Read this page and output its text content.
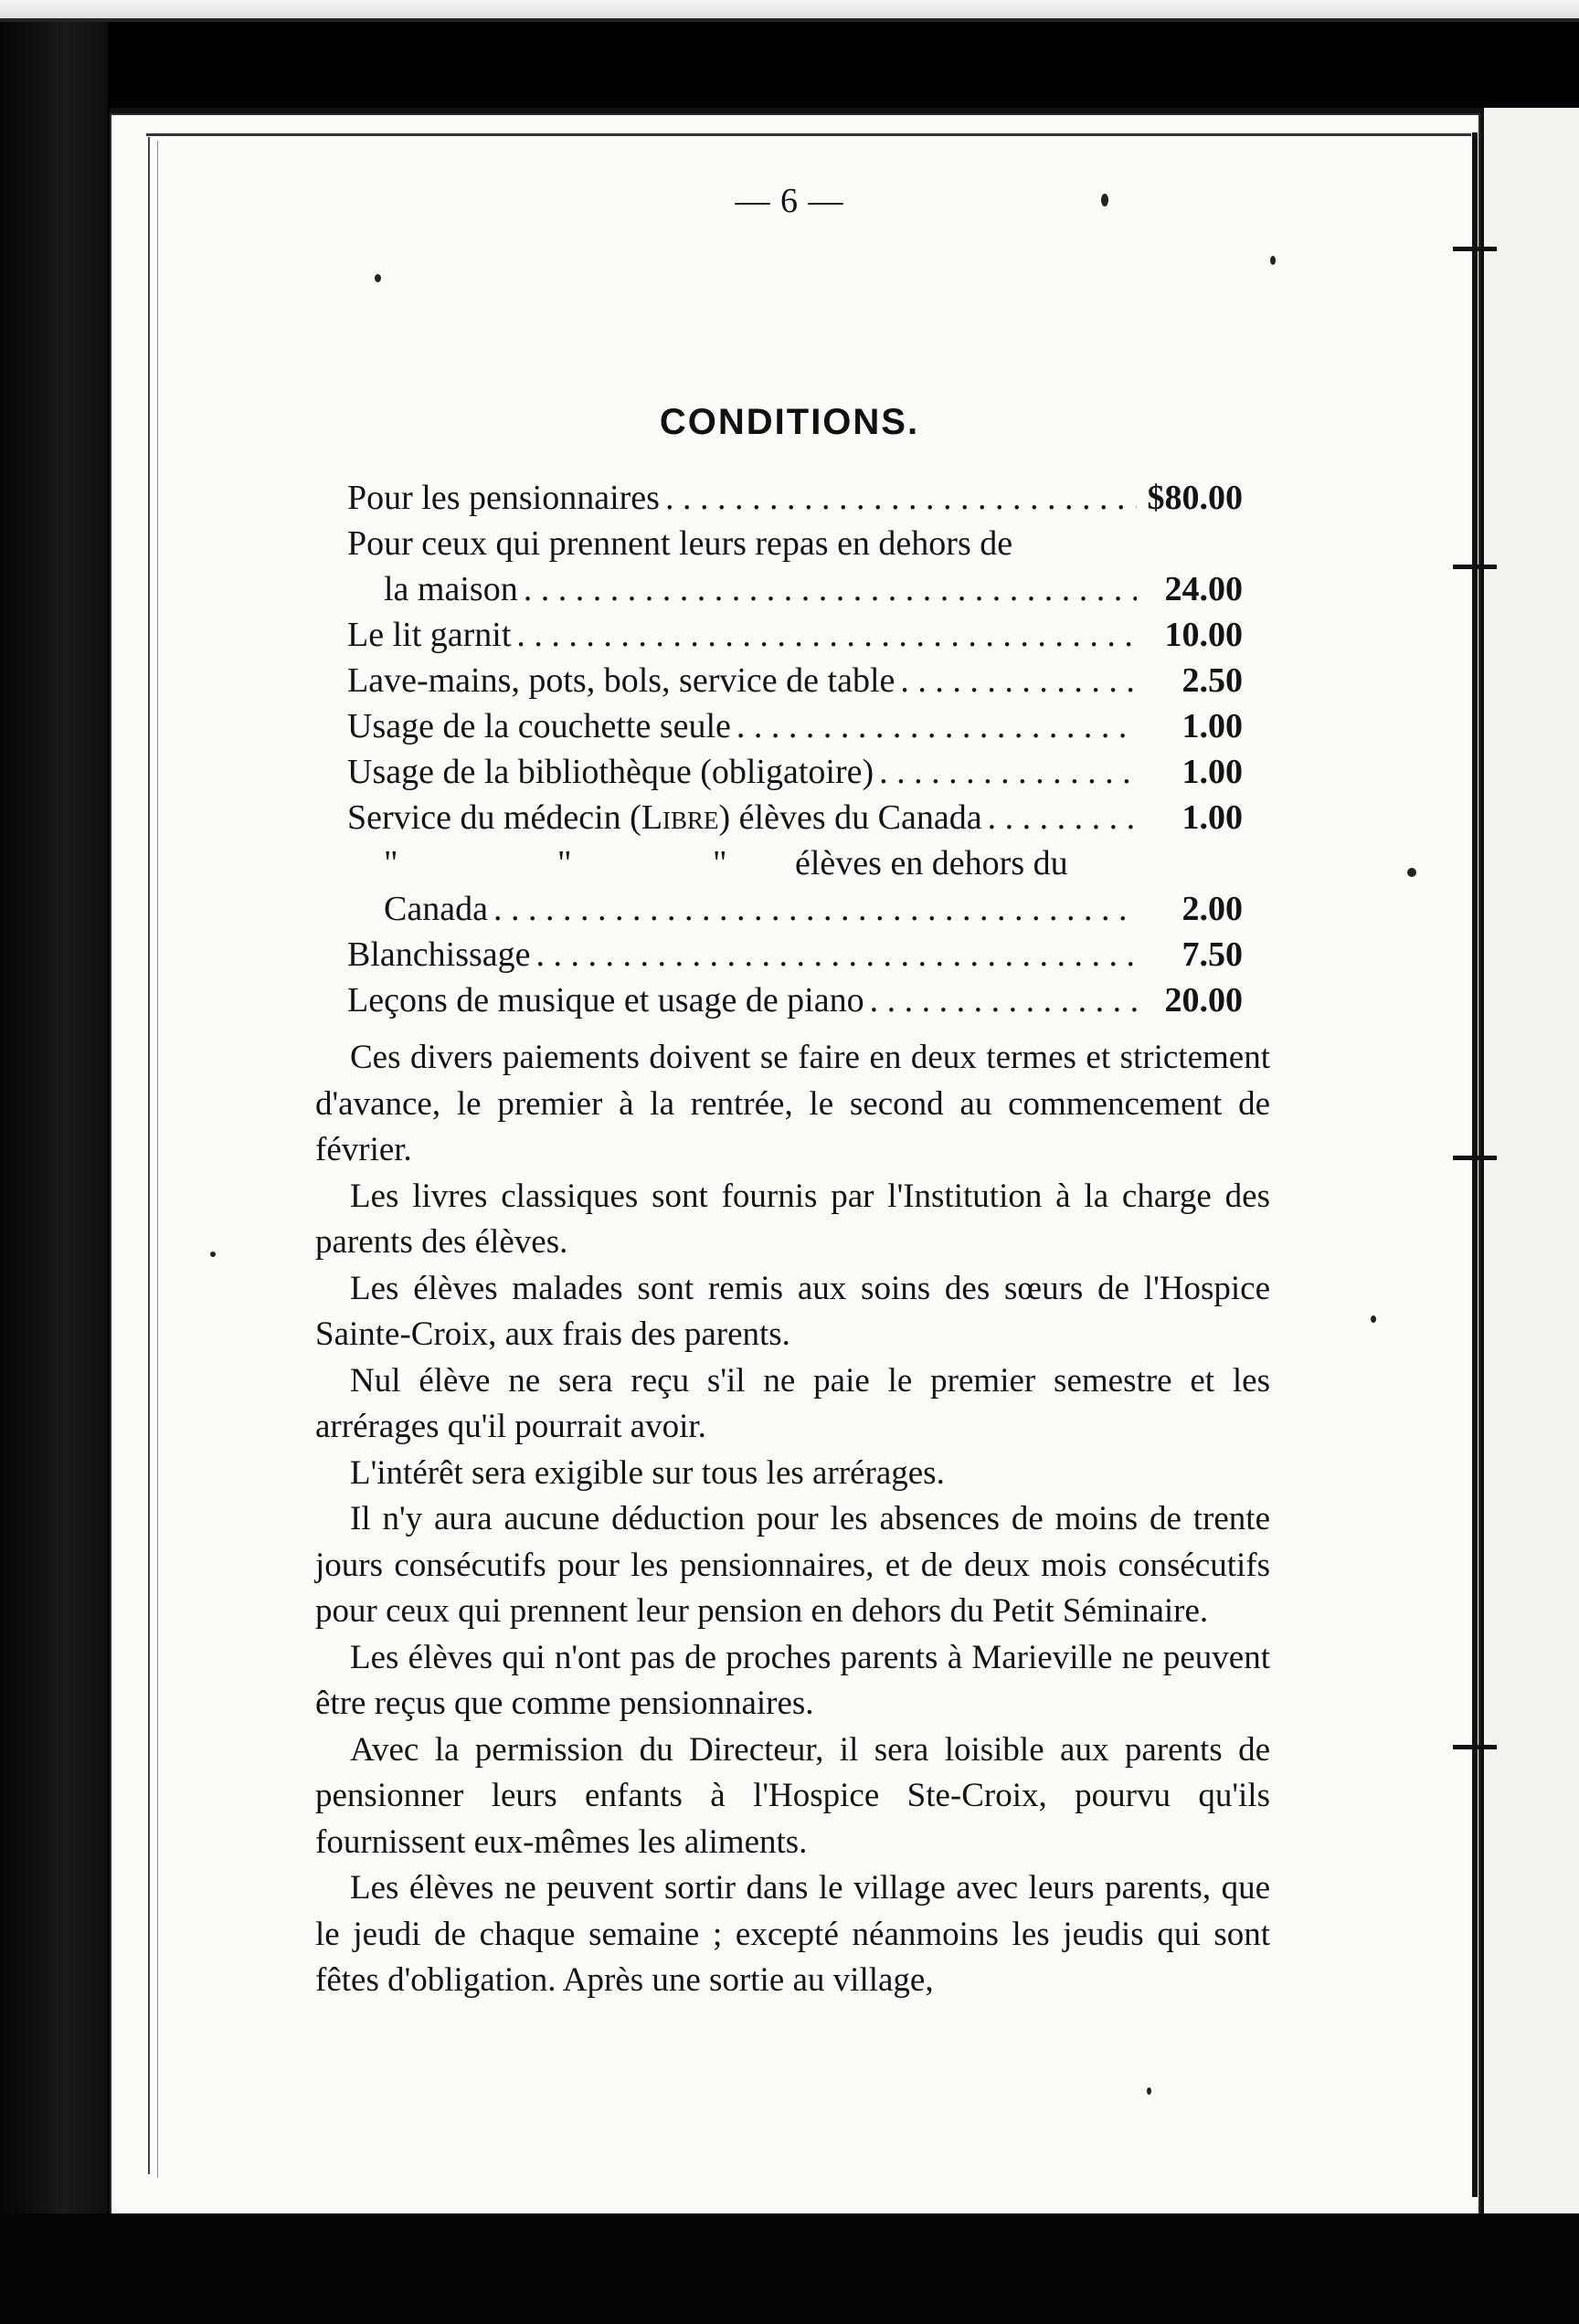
— 6 —
CONDITIONS.
Pour les pensionnaires . . .	$80.00
Pour ceux qui prennent leurs repas en dehors de
la maison . . .	24.00
Le lit garnit . . .	10.00
Lave-mains, pots, bols, service de table . . .	2.50
Usage de la couchette seule . . .	1.00
Usage de la bibliothèque (obligatoire) . . .	1.00
Service du médecin (Libre) élèves du Canada . . .	1.00
"	"	"	élèves en dehors du
Canada . . .	2.00
Blanchissage . . .	7.50
Leçons de musique et usage de piano . . .	20.00

Ces divers paiements doivent se faire en deux termes et strictement d'avance, le premier à la rentrée, le second au commencement de février.

Les livres classiques sont fournis par l'Institution à la charge des parents des élèves.

Les élèves malades sont remis aux soins des sœurs de l'Hospice Sainte-Croix, aux frais des parents.

Nul élève ne sera reçu s'il ne paie le premier semestre et les arrérages qu'il pourrait avoir.

L'intérêt sera exigible sur tous les arrérages.

Il n'y aura aucune déduction pour les absences de moins de trente jours consécutifs pour les pensionnaires, et de deux mois consécutifs pour ceux qui prennent leur pension en dehors du Petit Séminaire.

Les élèves qui n'ont pas de proches parents à Marieville ne peuvent être reçus que comme pensionnaires.

Avec la permission du Directeur, il sera loisible aux parents de pensionner leurs enfants à l'Hospice Ste-Croix, pourvu qu'ils fournissent eux-mêmes les aliments.

Les élèves ne peuvent sortir dans le village avec leurs parents, que le jeudi de chaque semaine ; excepté néanmoins les jeudis qui sont fêtes d'obligation. Après une sortie au village,
